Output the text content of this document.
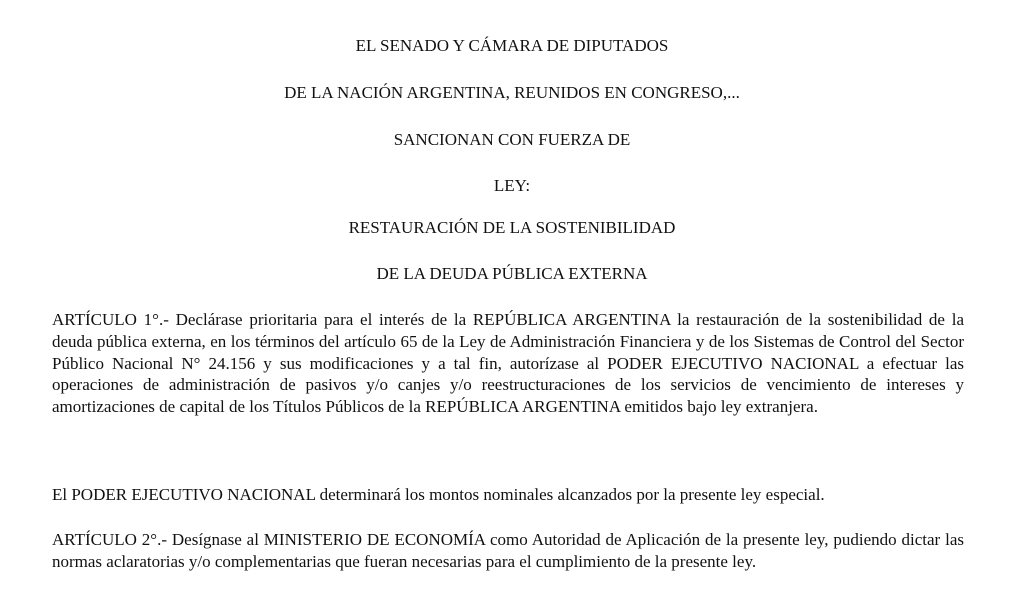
EL SENADO Y CÁMARA DE DIPUTADOS

DE LA NACIÓN ARGENTINA, REUNIDOS EN CONGRESO,...

SANCIONAN CON FUERZA DE

LEY:

RESTAURACIÓN DE LA SOSTENIBILIDAD

DE LA DEUDA PÚBLICA EXTERNA

ARTÍCULO 1°.- Declárase prioritaria para el interés de la REPÚBLICA ARGENTINA la restauración de la sostenibilidad de la deuda pública externa, en los términos del artículo 65 de la Ley de Administración Financiera y de los Sistemas de Control del Sector Público Nacional N° 24.156 y sus modificaciones y a tal fin, autorízase al PODER EJECUTIVO NACIONAL a efectuar las operaciones de administración de pasivos y/o canjes y/o reestructuraciones de los servicios de vencimiento de intereses y amortizaciones de capital de los Títulos Públicos de la REPÚBLICA ARGENTINA emitidos bajo ley extranjera.

El PODER EJECUTIVO NACIONAL determinará los montos nominales alcanzados por la presente ley especial.

ARTÍCULO 2°.- Desígnase al MINISTERIO DE ECONOMÍA como Autoridad de Aplicación de la presente ley, pudiendo dictar las normas aclaratorias y/o complementarias que fueran necesarias para el cumplimiento de la presente ley.
